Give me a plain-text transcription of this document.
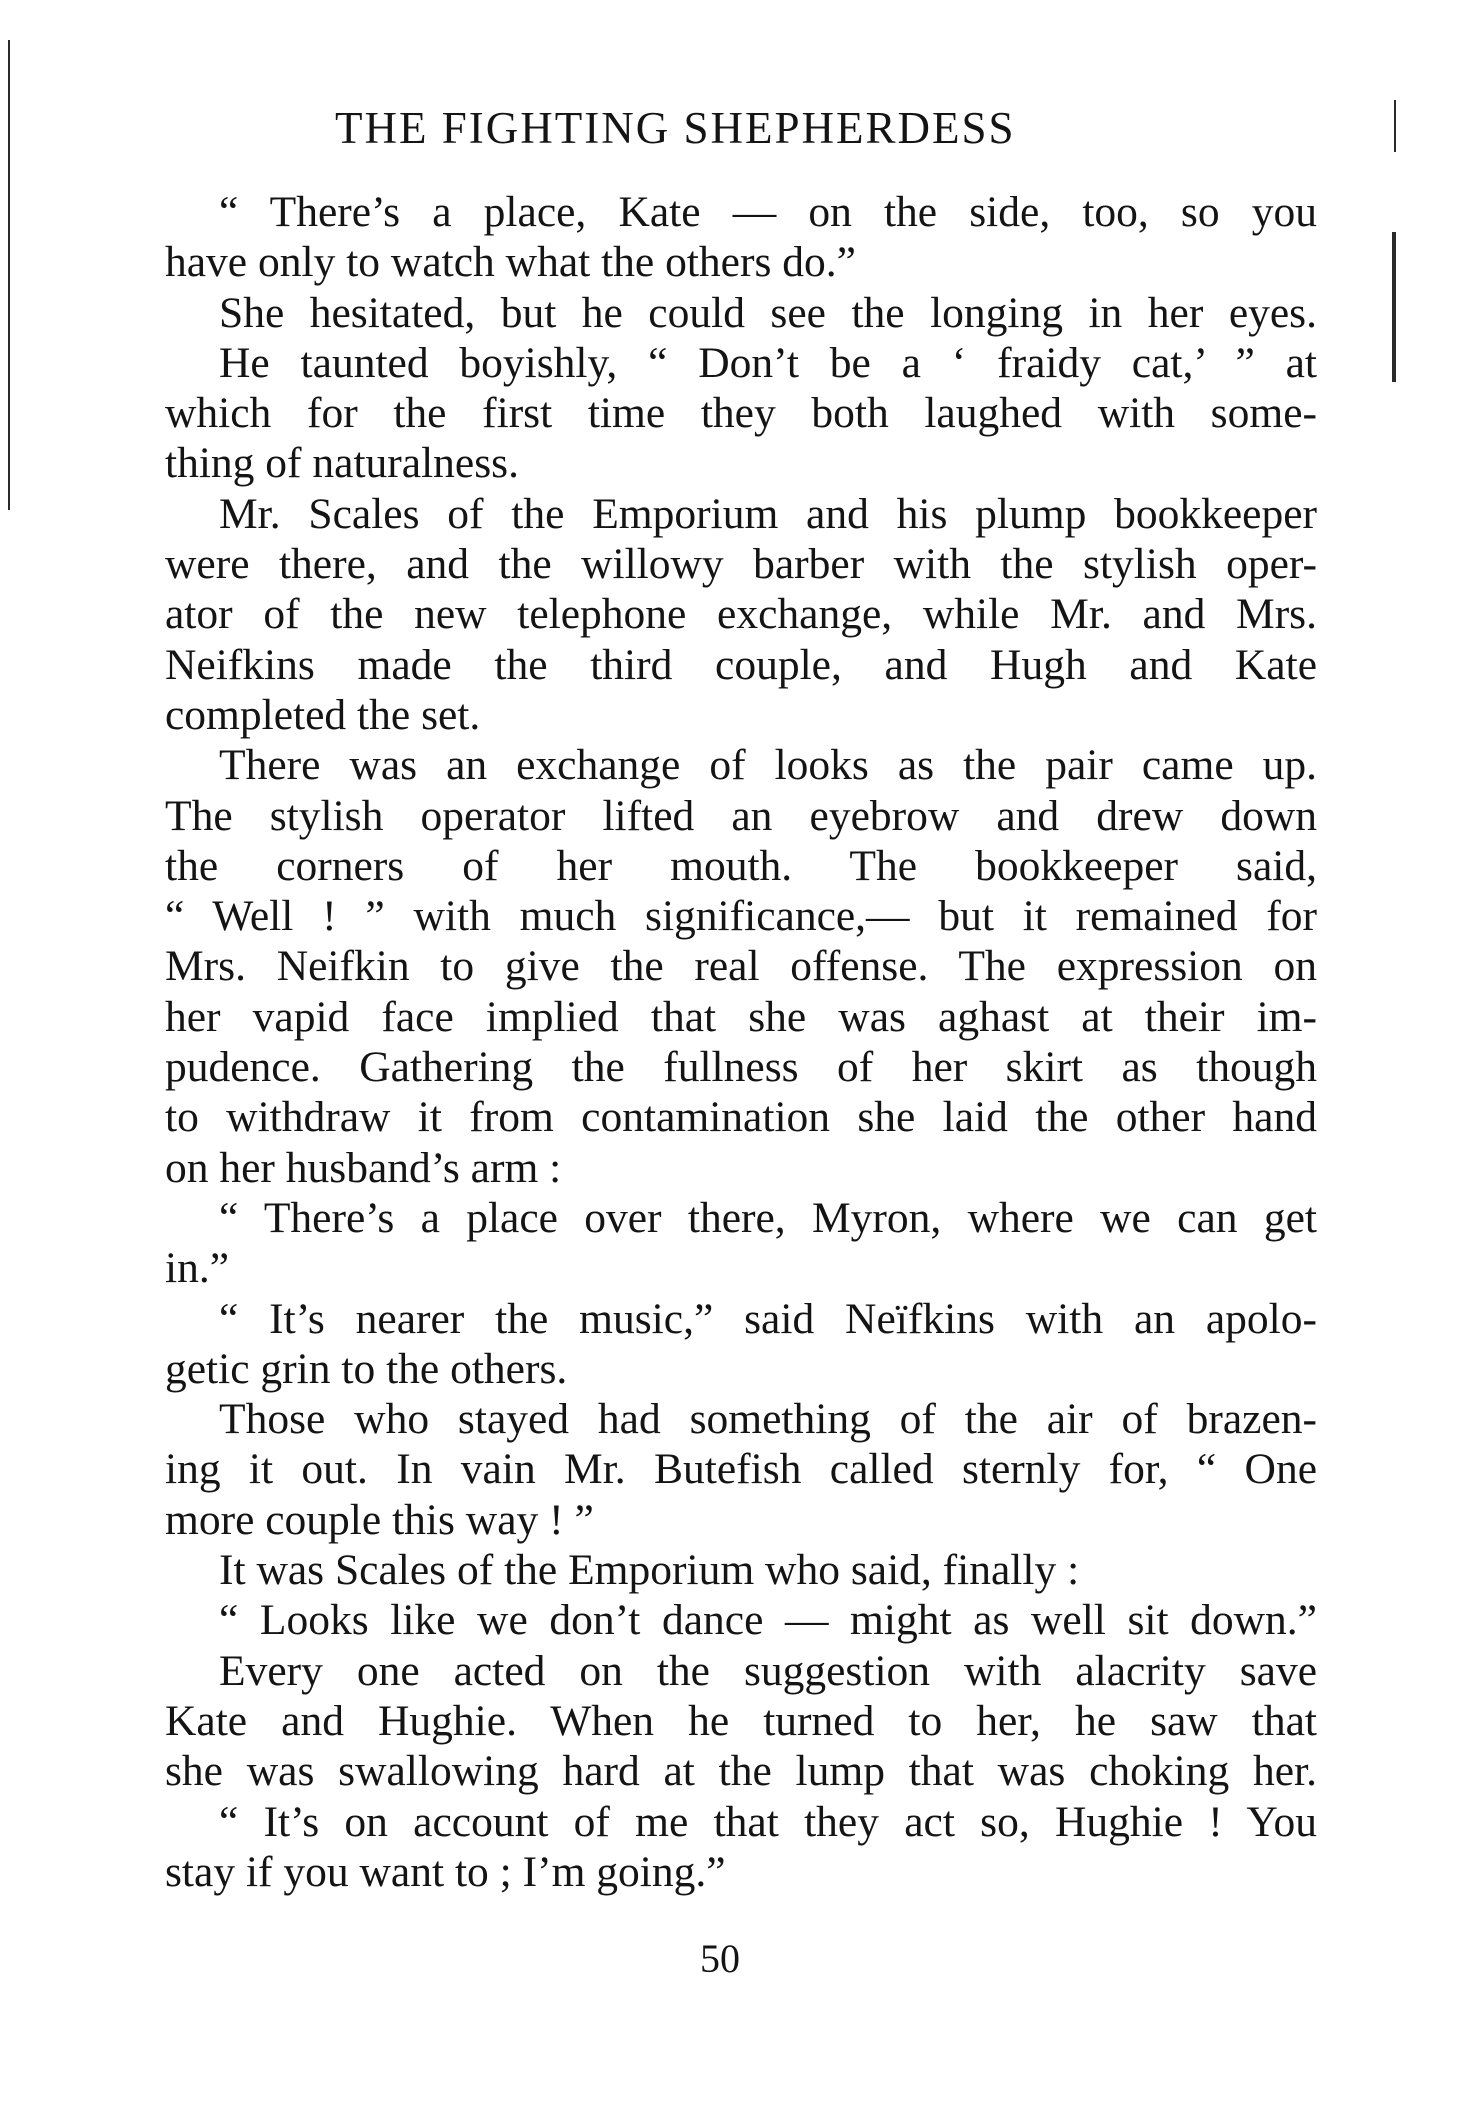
THE FIGHTING SHEPHERDESS
“ There’s a place, Kate — on the side, too, so you
have only to watch what the others do.”
She hesitated, but he could see the longing in her eyes.
He taunted boyishly, “ Don’t be a ‘ fraidy cat,’ ” at
which for the first time they both laughed with some-
thing of naturalness.
Mr. Scales of the Emporium and his plump bookkeeper
were there, and the willowy barber with the stylish oper-
ator of the new telephone exchange, while Mr. and Mrs.
Neifkins made the third couple, and Hugh and Kate
completed the set.
There was an exchange of looks as the pair came up.
The stylish operator lifted an eyebrow and drew down
the corners of her mouth. The bookkeeper said,
“ Well ! ” with much significance,— but it remained for
Mrs. Neifkin to give the real offense. The expression on
her vapid face implied that she was aghast at their im-
pudence. Gathering the fullness of her skirt as though
to withdraw it from contamination she laid the other hand
on her husband’s arm :
“ There’s a place over there, Myron, where we can get
in.”
“ It’s nearer the music,” said Neïfkins with an apolo-
getic grin to the others.
Those who stayed had something of the air of brazen-
ing it out. In vain Mr. Butefish called sternly for, “ One
more couple this way ! ”
It was Scales of the Emporium who said, finally :
“ Looks like we don’t dance — might as well sit down.”
Every one acted on the suggestion with alacrity save
Kate and Hughie. When he turned to her, he saw that
she was swallowing hard at the lump that was choking her.
“ It’s on account of me that they act so, Hughie ! You
stay if you want to ; I’m going.”
50
